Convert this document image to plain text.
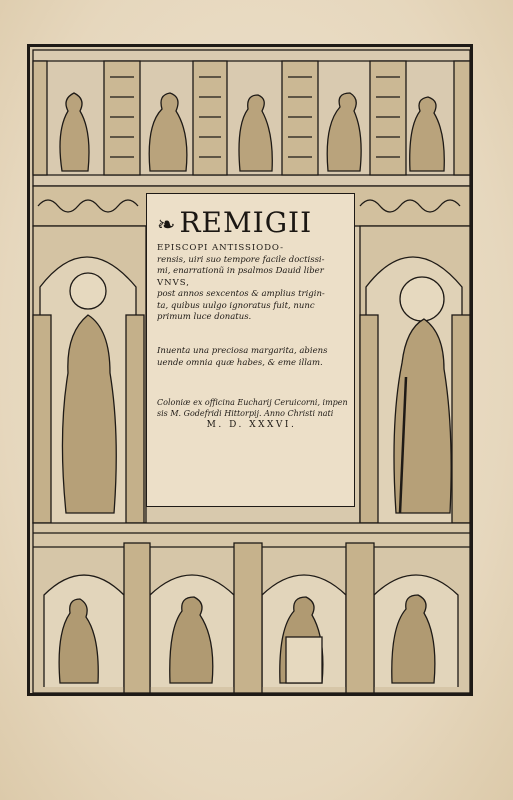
❧ REMIGII
EPISCOPI ANTISSIODO-
rensis, uiri suo tempore facile doctissi-
mi, enarrationũ in psalmos Dauid liber
VNVS,
post annos sexcentos & amplius trigin-
ta, quibus uulgo ignoratus fuit, nunc
primum luce donatus.
Inuenta una preciosa margarita, abiens
uende omnia quæ habes, & eme illam.
Coloniæ ex officina Eucharij Ceruicorni, impen
sis M. Godefridi Hittorpij. Anno Christi nati
M. D. XXXVI.
